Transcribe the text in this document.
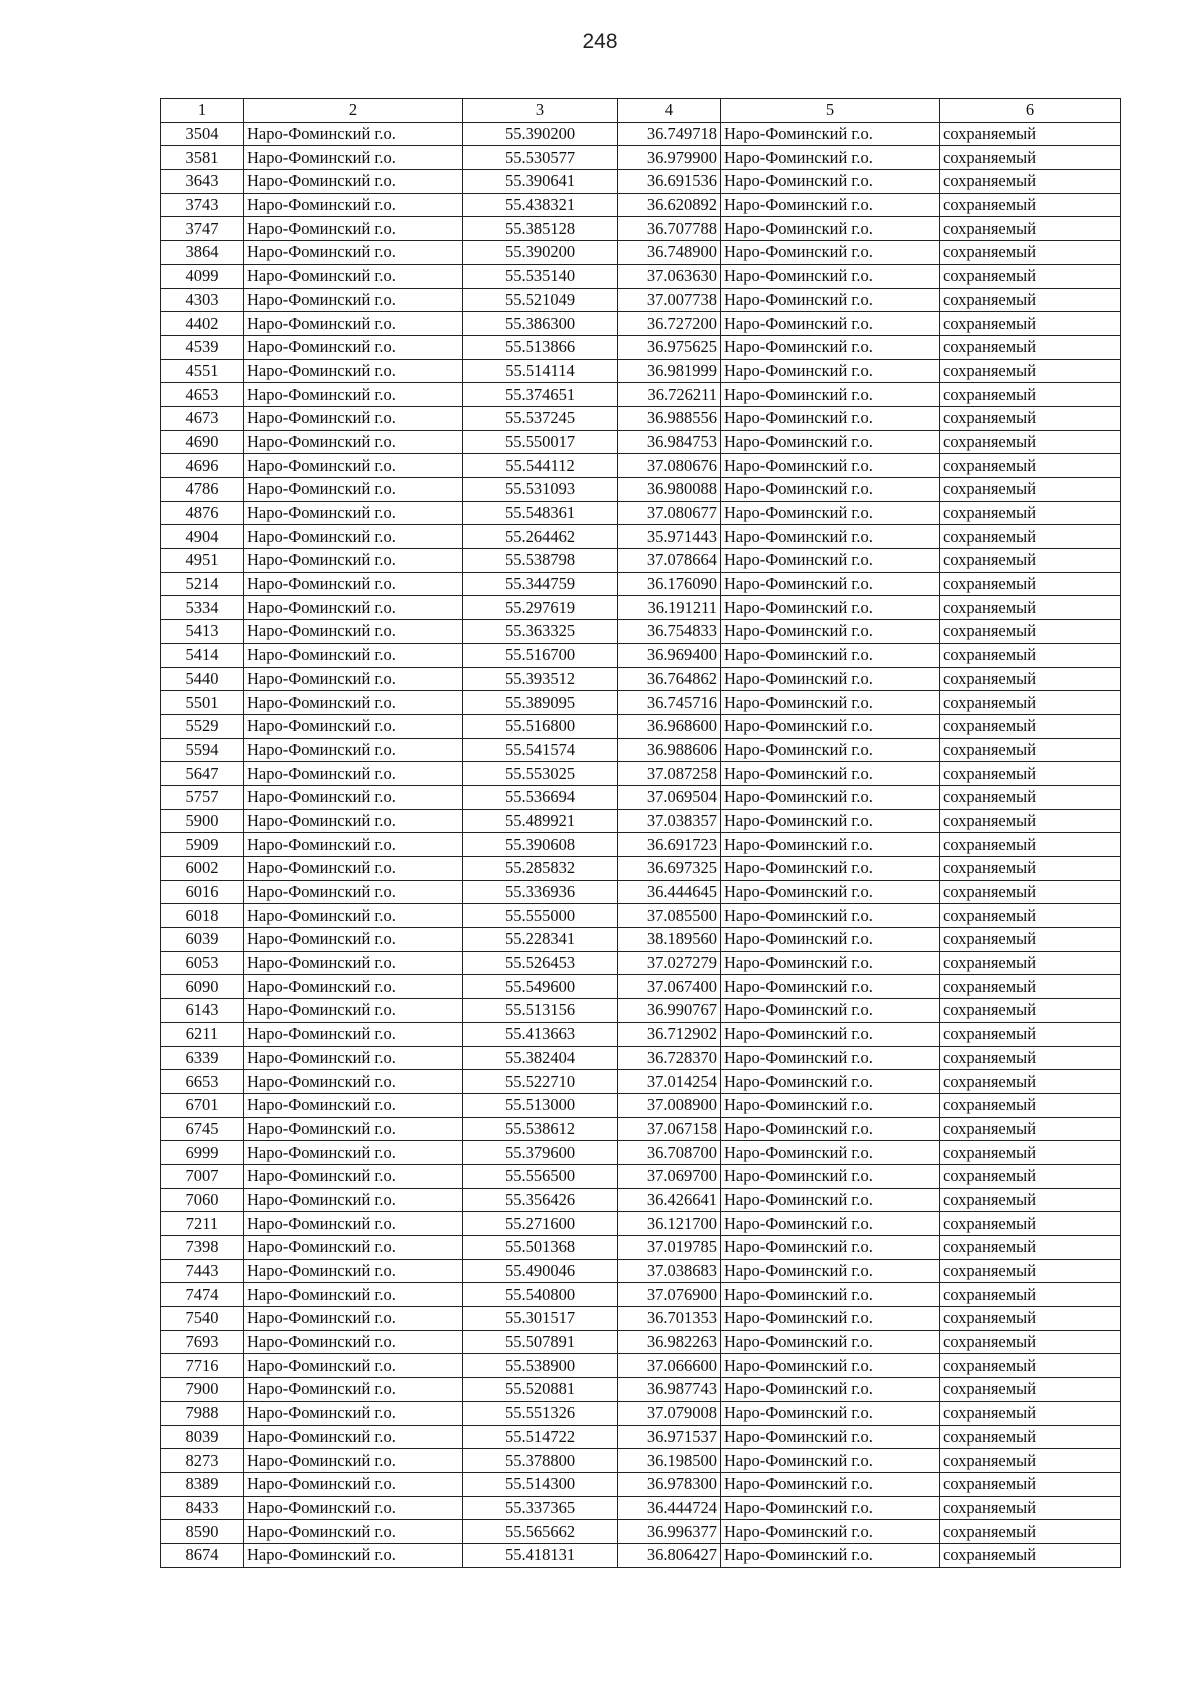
248
1	2	3	4	5	6
3504	Наро-Фоминский г.о.	55.390200	36.749718	Наро-Фоминский г.о.	сохраняемый
3581	Наро-Фоминский г.о.	55.530577	36.979900	Наро-Фоминский г.о.	сохраняемый
3643	Наро-Фоминский г.о.	55.390641	36.691536	Наро-Фоминский г.о.	сохраняемый
3743	Наро-Фоминский г.о.	55.438321	36.620892	Наро-Фоминский г.о.	сохраняемый
3747	Наро-Фоминский г.о.	55.385128	36.707788	Наро-Фоминский г.о.	сохраняемый
3864	Наро-Фоминский г.о.	55.390200	36.748900	Наро-Фоминский г.о.	сохраняемый
4099	Наро-Фоминский г.о.	55.535140	37.063630	Наро-Фоминский г.о.	сохраняемый
4303	Наро-Фоминский г.о.	55.521049	37.007738	Наро-Фоминский г.о.	сохраняемый
4402	Наро-Фоминский г.о.	55.386300	36.727200	Наро-Фоминский г.о.	сохраняемый
4539	Наро-Фоминский г.о.	55.513866	36.975625	Наро-Фоминский г.о.	сохраняемый
4551	Наро-Фоминский г.о.	55.514114	36.981999	Наро-Фоминский г.о.	сохраняемый
4653	Наро-Фоминский г.о.	55.374651	36.726211	Наро-Фоминский г.о.	сохраняемый
4673	Наро-Фоминский г.о.	55.537245	36.988556	Наро-Фоминский г.о.	сохраняемый
4690	Наро-Фоминский г.о.	55.550017	36.984753	Наро-Фоминский г.о.	сохраняемый
4696	Наро-Фоминский г.о.	55.544112	37.080676	Наро-Фоминский г.о.	сохраняемый
4786	Наро-Фоминский г.о.	55.531093	36.980088	Наро-Фоминский г.о.	сохраняемый
4876	Наро-Фоминский г.о.	55.548361	37.080677	Наро-Фоминский г.о.	сохраняемый
4904	Наро-Фоминский г.о.	55.264462	35.971443	Наро-Фоминский г.о.	сохраняемый
4951	Наро-Фоминский г.о.	55.538798	37.078664	Наро-Фоминский г.о.	сохраняемый
5214	Наро-Фоминский г.о.	55.344759	36.176090	Наро-Фоминский г.о.	сохраняемый
5334	Наро-Фоминский г.о.	55.297619	36.191211	Наро-Фоминский г.о.	сохраняемый
5413	Наро-Фоминский г.о.	55.363325	36.754833	Наро-Фоминский г.о.	сохраняемый
5414	Наро-Фоминский г.о.	55.516700	36.969400	Наро-Фоминский г.о.	сохраняемый
5440	Наро-Фоминский г.о.	55.393512	36.764862	Наро-Фоминский г.о.	сохраняемый
5501	Наро-Фоминский г.о.	55.389095	36.745716	Наро-Фоминский г.о.	сохраняемый
5529	Наро-Фоминский г.о.	55.516800	36.968600	Наро-Фоминский г.о.	сохраняемый
5594	Наро-Фоминский г.о.	55.541574	36.988606	Наро-Фоминский г.о.	сохраняемый
5647	Наро-Фоминский г.о.	55.553025	37.087258	Наро-Фоминский г.о.	сохраняемый
5757	Наро-Фоминский г.о.	55.536694	37.069504	Наро-Фоминский г.о.	сохраняемый
5900	Наро-Фоминский г.о.	55.489921	37.038357	Наро-Фоминский г.о.	сохраняемый
5909	Наро-Фоминский г.о.	55.390608	36.691723	Наро-Фоминский г.о.	сохраняемый
6002	Наро-Фоминский г.о.	55.285832	36.697325	Наро-Фоминский г.о.	сохраняемый
6016	Наро-Фоминский г.о.	55.336936	36.444645	Наро-Фоминский г.о.	сохраняемый
6018	Наро-Фоминский г.о.	55.555000	37.085500	Наро-Фоминский г.о.	сохраняемый
6039	Наро-Фоминский г.о.	55.228341	38.189560	Наро-Фоминский г.о.	сохраняемый
6053	Наро-Фоминский г.о.	55.526453	37.027279	Наро-Фоминский г.о.	сохраняемый
6090	Наро-Фоминский г.о.	55.549600	37.067400	Наро-Фоминский г.о.	сохраняемый
6143	Наро-Фоминский г.о.	55.513156	36.990767	Наро-Фоминский г.о.	сохраняемый
6211	Наро-Фоминский г.о.	55.413663	36.712902	Наро-Фоминский г.о.	сохраняемый
6339	Наро-Фоминский г.о.	55.382404	36.728370	Наро-Фоминский г.о.	сохраняемый
6653	Наро-Фоминский г.о.	55.522710	37.014254	Наро-Фоминский г.о.	сохраняемый
6701	Наро-Фоминский г.о.	55.513000	37.008900	Наро-Фоминский г.о.	сохраняемый
6745	Наро-Фоминский г.о.	55.538612	37.067158	Наро-Фоминский г.о.	сохраняемый
6999	Наро-Фоминский г.о.	55.379600	36.708700	Наро-Фоминский г.о.	сохраняемый
7007	Наро-Фоминский г.о.	55.556500	37.069700	Наро-Фоминский г.о.	сохраняемый
7060	Наро-Фоминский г.о.	55.356426	36.426641	Наро-Фоминский г.о.	сохраняемый
7211	Наро-Фоминский г.о.	55.271600	36.121700	Наро-Фоминский г.о.	сохраняемый
7398	Наро-Фоминский г.о.	55.501368	37.019785	Наро-Фоминский г.о.	сохраняемый
7443	Наро-Фоминский г.о.	55.490046	37.038683	Наро-Фоминский г.о.	сохраняемый
7474	Наро-Фоминский г.о.	55.540800	37.076900	Наро-Фоминский г.о.	сохраняемый
7540	Наро-Фоминский г.о.	55.301517	36.701353	Наро-Фоминский г.о.	сохраняемый
7693	Наро-Фоминский г.о.	55.507891	36.982263	Наро-Фоминский г.о.	сохраняемый
7716	Наро-Фоминский г.о.	55.538900	37.066600	Наро-Фоминский г.о.	сохраняемый
7900	Наро-Фоминский г.о.	55.520881	36.987743	Наро-Фоминский г.о.	сохраняемый
7988	Наро-Фоминский г.о.	55.551326	37.079008	Наро-Фоминский г.о.	сохраняемый
8039	Наро-Фоминский г.о.	55.514722	36.971537	Наро-Фоминский г.о.	сохраняемый
8273	Наро-Фоминский г.о.	55.378800	36.198500	Наро-Фоминский г.о.	сохраняемый
8389	Наро-Фоминский г.о.	55.514300	36.978300	Наро-Фоминский г.о.	сохраняемый
8433	Наро-Фоминский г.о.	55.337365	36.444724	Наро-Фоминский г.о.	сохраняемый
8590	Наро-Фоминский г.о.	55.565662	36.996377	Наро-Фоминский г.о.	сохраняемый
8674	Наро-Фоминский г.о.	55.418131	36.806427	Наро-Фоминский г.о.	сохраняемый
